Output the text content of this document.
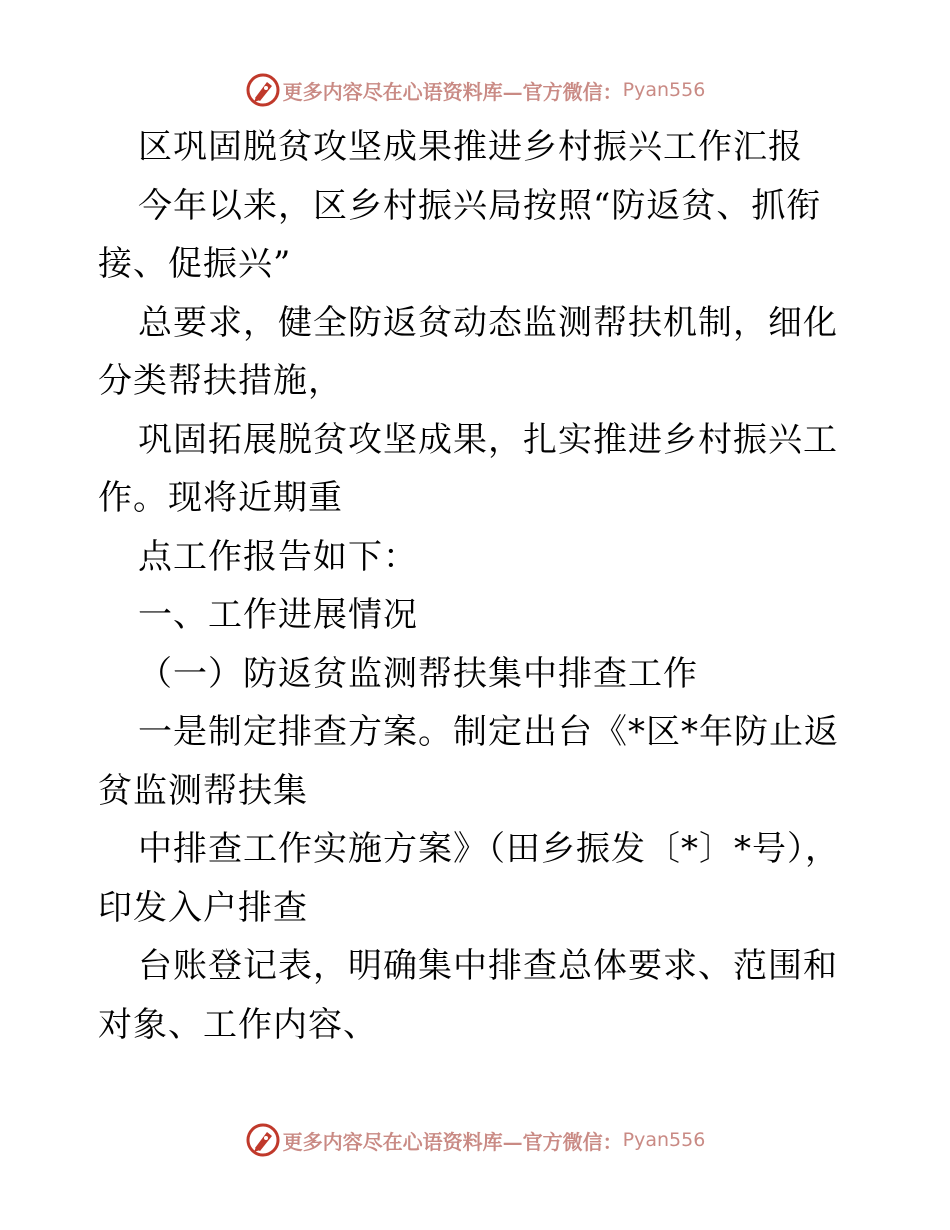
更多内容尽在心语资料库—官方微信： Pyan556

区巩固脱贫攻坚成果推进乡村振兴工作汇报

今年以来，区乡村振兴局按照“防返贫、抓衔接、促振兴”

总要求，健全防返贫动态监测帮扶机制，细化分类帮扶措施，

巩固拓展脱贫攻坚成果，扎实推进乡村振兴工作。现将近期重

点工作报告如下：

一、工作进展情况

（一）防返贫监测帮扶集中排查工作

一是制定排查方案。制定出台《*区*年防止返贫监测帮扶集

中排查工作实施方案》（田乡振发〔*〕*号），印发入户排查

台账登记表，明确集中排查总体要求、范围和对象、工作内容、

更多内容尽在心语资料库—官方微信： Pyan556
